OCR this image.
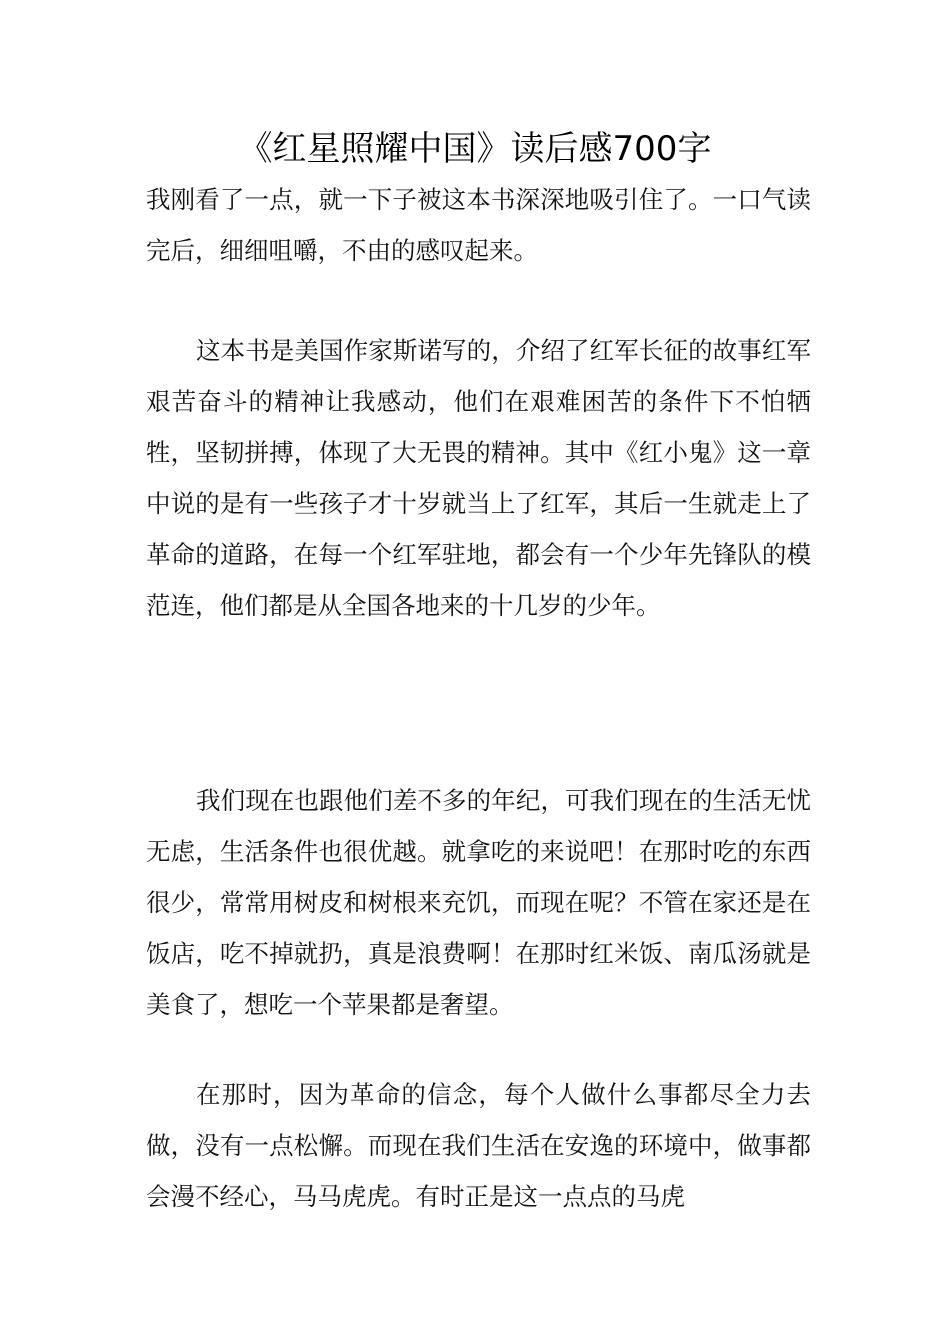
《红星照耀中国》读后感700字

我刚看了一点，就一下子被这本书深深地吸引住了。一口气读完后，细细咀嚼，不由的感叹起来。

这本书是美国作家斯诺写的，介绍了红军长征的故事红军艰苦奋斗的精神让我感动，他们在艰难困苦的条件下不怕牺牲，坚韧拼搏，体现了大无畏的精神。其中《红小鬼》这一章中说的是有一些孩子才十岁就当上了红军，其后一生就走上了革命的道路，在每一个红军驻地，都会有一个少年先锋队的模范连，他们都是从全国各地来的十几岁的少年。

我们现在也跟他们差不多的年纪，可我们现在的生活无忧无虑，生活条件也很优越。就拿吃的来说吧！在那时吃的东西很少，常常用树皮和树根来充饥，而现在呢？不管在家还是在饭店，吃不掉就扔，真是浪费啊！在那时红米饭、南瓜汤就是美食了，想吃一个苹果都是奢望。

在那时，因为革命的信念，每个人做什么事都尽全力去做，没有一点松懈。而现在我们生活在安逸的环境中，做事都会漫不经心，马马虎虎。有时正是这一点点的马虎
